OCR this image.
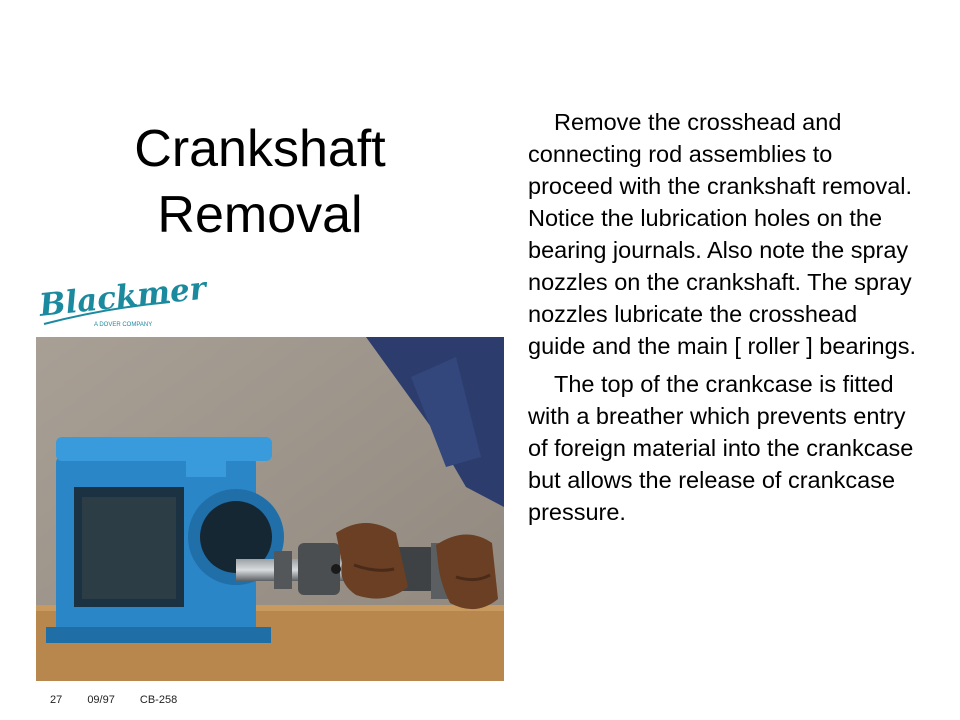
Crankshaft
Removal
Blackmer
A DOVER COMPANY

Remove the crosshead and connecting rod assemblies to proceed with the crankshaft removal. Notice the lubrication holes on the bearing journals. Also note the spray nozzles on the crankshaft. The spray nozzles lubricate the crosshead guide and the main [ roller ] bearings.

The top of the crankcase is fitted with a breather which prevents entry of foreign material into the crankcase but allows the release of crankcase pressure.

27 09/97 CB-258
